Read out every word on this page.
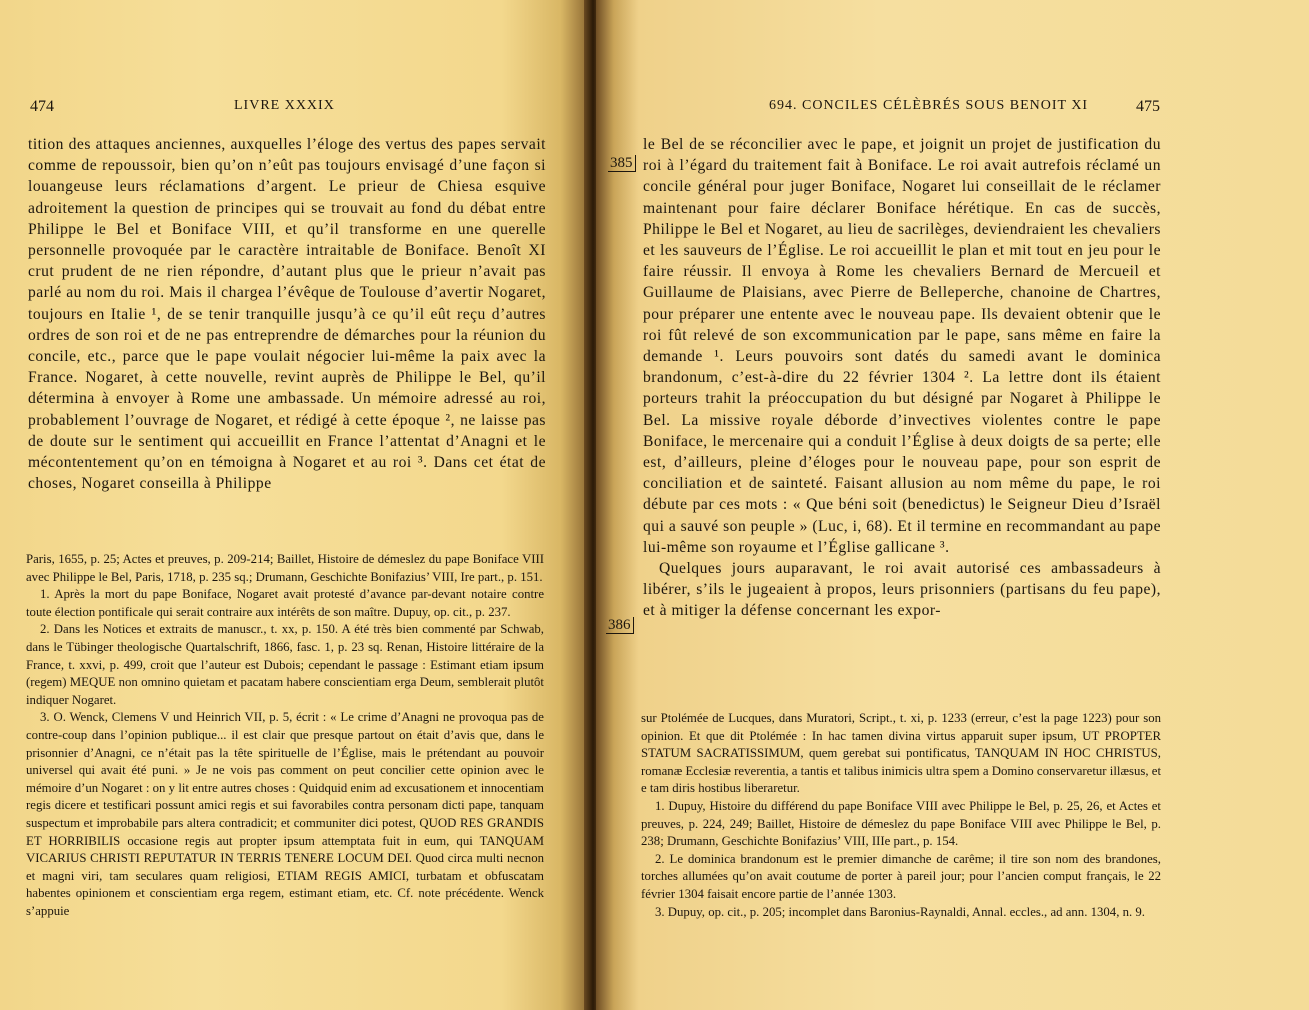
474	LIVRE XXXIX

tition des attaques anciennes, auxquelles l’éloge des vertus des papes servait comme de repoussoir, bien qu’on n’eût pas toujours envisagé d’une façon si louangeuse leurs réclamations d’argent. Le prieur de Chiesa esquive adroitement la question de principes qui se trouvait au fond du débat entre Philippe le Bel et Boniface VIII, et qu’il transforme en une querelle personnelle provoquée par le caractère intraitable de Boniface. Benoît XI crut prudent de ne rien répondre, d’autant plus que le prieur n’avait pas parlé au nom du roi. Mais il chargea l’évêque de Toulouse d’avertir Nogaret, toujours en Italie ¹, de se tenir tranquille jusqu’à ce qu’il eût reçu d’autres ordres de son roi et de ne pas entreprendre de démarches pour la réunion du concile, etc., parce que le pape voulait négocier lui-même la paix avec la France. Nogaret, à cette nouvelle, revint auprès de Philippe le Bel, qu’il détermina à envoyer à Rome une ambassade. Un mémoire adressé au roi, probablement l’ouvrage de Nogaret, et rédigé à cette époque ², ne laisse pas de doute sur le sentiment qui accueillit en France l’attentat d’Anagni et le mécontentement qu’on en témoigna à Nogaret et au roi ³. Dans cet état de choses, Nogaret conseilla à Philippe

Paris, 1655, p. 25; Actes et preuves, p. 209-214; Baillet, Histoire de démeslez du pape Boniface VIII avec Philippe le Bel, Paris, 1718, p. 235 sq.; Drumann, Geschichte Bonifazius’ VIII, Ire part., p. 151.

1. Après la mort du pape Boniface, Nogaret avait protesté d’avance par-devant notaire contre toute élection pontificale qui serait contraire aux intérêts de son maître. Dupuy, op. cit., p. 237.

2. Dans les Notices et extraits de manuscr., t. xx, p. 150. A été très bien commenté par Schwab, dans le Tübinger theologische Quartalschrift, 1866, fasc. 1, p. 23 sq. Renan, Histoire littéraire de la France, t. xxvi, p. 499, croit que l’auteur est Dubois; cependant le passage : Estimant etiam ipsum (regem) MEQUE non omnino quietam et pacatam habere conscientiam erga Deum, semblerait plutôt indiquer Nogaret.

3. O. Wenck, Clemens V und Heinrich VII, p. 5, écrit : « Le crime d’Anagni ne provoqua pas de contre-coup dans l’opinion publique... il est clair que presque partout on était d’avis que, dans le prisonnier d’Anagni, ce n’était pas la tête spirituelle de l’Église, mais le prétendant au pouvoir universel qui avait été puni. » Je ne vois pas comment on peut concilier cette opinion avec le mémoire d’un Nogaret : on y lit entre autres choses : Quidquid enim ad excusationem et innocentiam regis dicere et testificari possunt amici regis et sui favorabiles contra personam dicti pape, tanquam suspectum et improbabile pars altera contradicit; et communiter dici potest, QUOD RES GRANDIS ET HORRIBILIS occasione regis aut propter ipsum attemptata fuit in eum, qui TANQUAM VICARIUS CHRISTI REPUTATUR IN TERRIS TENERE LOCUM DEI. Quod circa multi necnon et magni viri, tam seculares quam religiosi, ETIAM REGIS AMICI, turbatam et obfuscatam habentes opinionem et conscientiam erga regem, estimant etiam, etc. Cf. note précédente. Wenck s’appuie

694. CONCILES CÉLÈBRÉS SOUS BENOIT XI	475
385
386

le Bel de se réconcilier avec le pape, et joignit un projet de justification du roi à l’égard du traitement fait à Boniface. Le roi avait autrefois réclamé un concile général pour juger Boniface, Nogaret lui conseillait de le réclamer maintenant pour faire déclarer Boniface hérétique. En cas de succès, Philippe le Bel et Nogaret, au lieu de sacrilèges, deviendraient les chevaliers et les sauveurs de l’Église. Le roi accueillit le plan et mit tout en jeu pour le faire réussir. Il envoya à Rome les chevaliers Bernard de Mercueil et Guillaume de Plaisians, avec Pierre de Belleperche, chanoine de Chartres, pour préparer une entente avec le nouveau pape. Ils devaient obtenir que le roi fût relevé de son excommunication par le pape, sans même en faire la demande ¹. Leurs pouvoirs sont datés du samedi avant le dominica brandonum, c’est-à-dire du 22 février 1304 ². La lettre dont ils étaient porteurs trahit la préoccupation du but désigné par Nogaret à Philippe le Bel. La missive royale déborde d’invectives violentes contre le pape Boniface, le mercenaire qui a conduit l’Église à deux doigts de sa perte; elle est, d’ailleurs, pleine d’éloges pour le nouveau pape, pour son esprit de conciliation et de sainteté. Faisant allusion au nom même du pape, le roi débute par ces mots : « Que béni soit (benedictus) le Seigneur Dieu d’Israël qui a sauvé son peuple » (Luc, i, 68). Et il termine en recommandant au pape lui-même son royaume et l’Église gallicane ³.

Quelques jours auparavant, le roi avait autorisé ces ambassadeurs à libérer, s’ils le jugeaient à propos, leurs prisonniers (partisans du feu pape), et à mitiger la défense concernant les expor-

sur Ptolémée de Lucques, dans Muratori, Script., t. xi, p. 1233 (erreur, c’est la page 1223) pour son opinion. Et que dit Ptolémée : In hac tamen divina virtus apparuit super ipsum, UT PROPTER STATUM SACRATISSIMUM, quem gerebat sui pontificatus, TANQUAM IN HOC CHRISTUS, romanæ Ecclesiæ reverentia, a tantis et talibus inimicis ultra spem a Domino conservaretur illæsus, et e tam diris hostibus liberaretur.

1. Dupuy, Histoire du différend du pape Boniface VIII avec Philippe le Bel, p. 25, 26, et Actes et preuves, p. 224, 249; Baillet, Histoire de démeslez du pape Boniface VIII avec Philippe le Bel, p. 238; Drumann, Geschichte Bonifazius’ VIII, IIIe part., p. 154.

2. Le dominica brandonum est le premier dimanche de carême; il tire son nom des brandones, torches allumées qu’on avait coutume de porter à pareil jour; pour l’ancien comput français, le 22 février 1304 faisait encore partie de l’année 1303.

3. Dupuy, op. cit., p. 205; incomplet dans Baronius-Raynaldi, Annal. eccles., ad ann. 1304, n. 9.
